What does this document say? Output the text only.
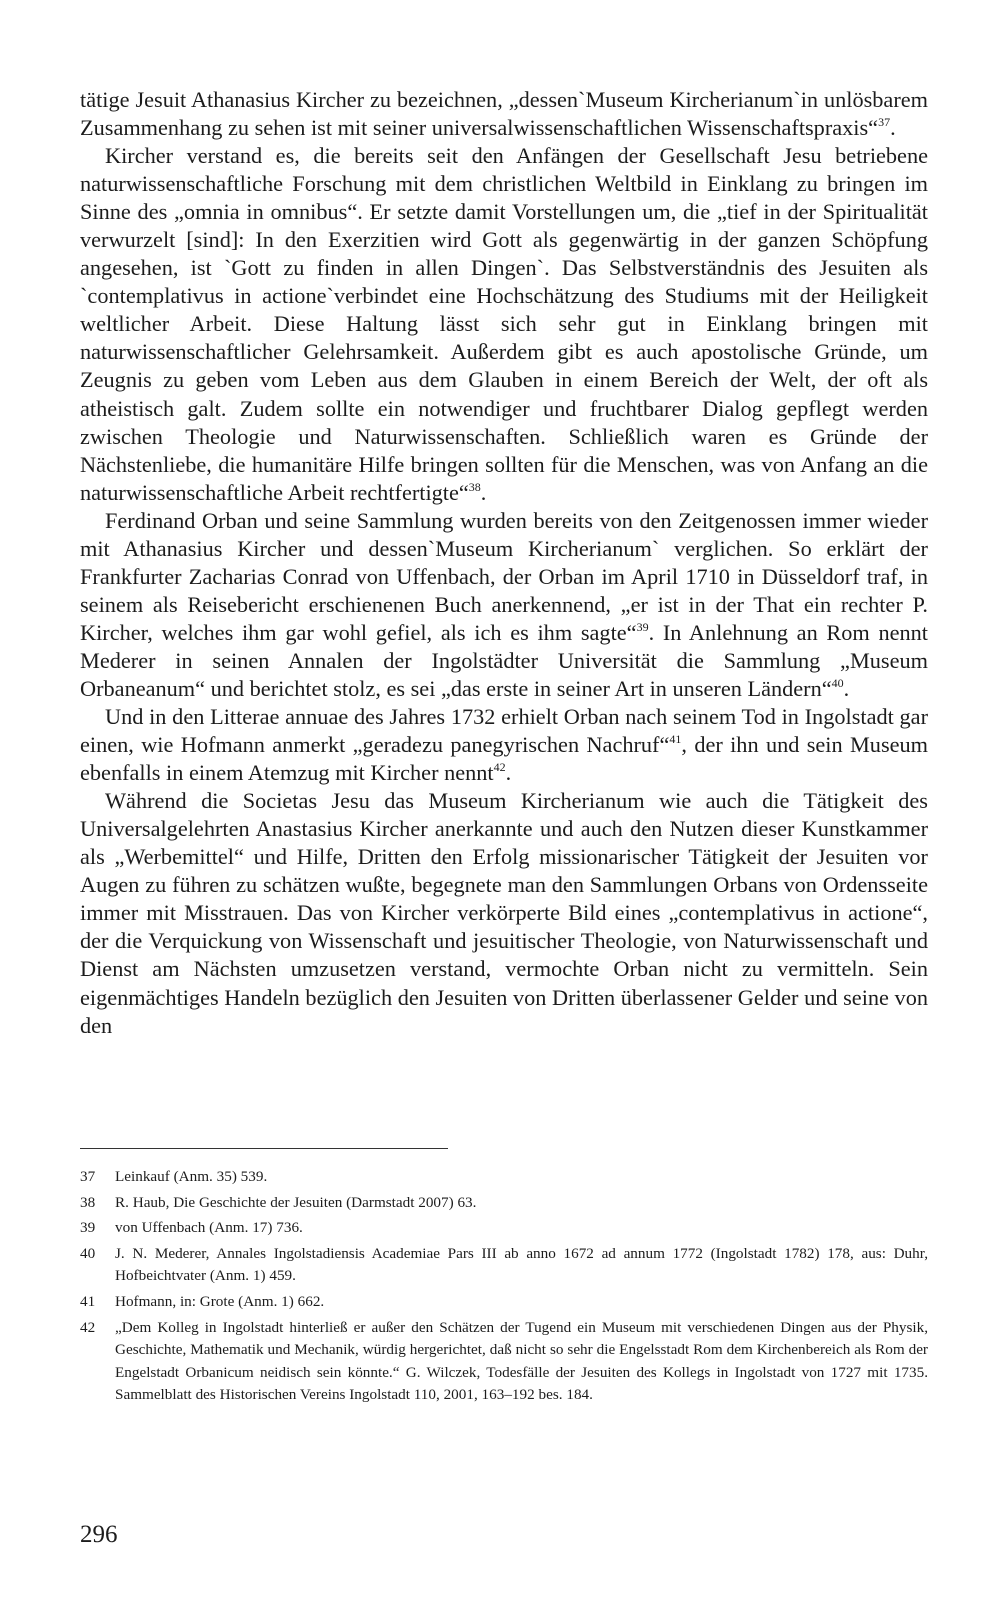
tätige Jesuit Athanasius Kircher zu bezeichnen, „dessen`Museum Kircherianum`in unlösbarem Zusammenhang zu sehen ist mit seiner universalwissenschaftlichen Wissenschaftspraxis“$^{37}$.

Kircher verstand es, die bereits seit den Anfängen der Gesellschaft Jesu betriebene naturwissenschaftliche Forschung mit dem christlichen Weltbild in Einklang zu bringen im Sinne des „omnia in omnibus“. Er setzte damit Vorstellungen um, die „tief in der Spiritualität verwurzelt [sind]: In den Exerzitien wird Gott als gegenwärtig in der ganzen Schöpfung angesehen, ist `Gott zu finden in allen Dingen`. Das Selbstverständnis des Jesuiten als `contemplativus in actione`verbindet eine Hochschätzung des Studiums mit der Heiligkeit weltlicher Arbeit. Diese Haltung lässt sich sehr gut in Einklang bringen mit naturwissenschaftlicher Gelehrsamkeit. Außerdem gibt es auch apostolische Gründe, um Zeugnis zu geben vom Leben aus dem Glauben in einem Bereich der Welt, der oft als atheistisch galt. Zudem sollte ein notwendiger und fruchtbarer Dialog gepflegt werden zwischen Theologie und Naturwissenschaften. Schließlich waren es Gründe der Nächstenliebe, die humanitäre Hilfe bringen sollten für die Menschen, was von Anfang an die naturwissenschaftliche Arbeit rechtfertigte“$^{38}$.

Ferdinand Orban und seine Sammlung wurden bereits von den Zeitgenossen immer wieder mit Athanasius Kircher und dessen`Museum Kircherianum` verglichen. So erklärt der Frankfurter Zacharias Conrad von Uffenbach, der Orban im April 1710 in Düsseldorf traf, in seinem als Reisebericht erschienenen Buch anerkennend, „er ist in der That ein rechter P. Kircher, welches ihm gar wohl gefiel, als ich es ihm sagte“$^{39}$. In Anlehnung an Rom nennt Mederer in seinen Annalen der Ingolstädter Universität die Sammlung „Museum Orbaneanum“ und berichtet stolz, es sei „das erste in seiner Art in unseren Ländern“$^{40}$.

Und in den Litterae annuae des Jahres 1732 erhielt Orban nach seinem Tod in Ingolstadt gar einen, wie Hofmann anmerkt „geradezu panegyrischen Nachruf“$^{41}$, der ihn und sein Museum ebenfalls in einem Atemzug mit Kircher nennt$^{42}$.

Während die Societas Jesu das Museum Kircherianum wie auch die Tätigkeit des Universalgelehrten Anastasius Kircher anerkannte und auch den Nutzen dieser Kunstkammer als „Werbemittel“ und Hilfe, Dritten den Erfolg missionarischer Tätigkeit der Jesuiten vor Augen zu führen zu schätzen wußte, begegnete man den Sammlungen Orbans von Ordensseite immer mit Misstrauen. Das von Kircher verkörperte Bild eines „contemplativus in actione“, der die Verquickung von Wissenschaft und jesuitischer Theologie, von Naturwissenschaft und Dienst am Nächsten umzusetzen verstand, vermochte Orban nicht zu vermitteln. Sein eigenmächtiges Handeln bezüglich den Jesuiten von Dritten überlassener Gelder und seine von den

37	Leinkauf (Anm. 35) 539.
38	R. Haub, Die Geschichte der Jesuiten (Darmstadt 2007) 63.
39	von Uffenbach (Anm. 17) 736.
40	J. N. Mederer, Annales Ingolstadiensis Academiae Pars III ab anno 1672 ad annum 1772 (Ingolstadt 1782) 178, aus: Duhr, Hofbeichtvater (Anm. 1) 459.
41	Hofmann, in: Grote (Anm. 1) 662.
42	„Dem Kolleg in Ingolstadt hinterließ er außer den Schätzen der Tugend ein Museum mit verschiedenen Dingen aus der Physik, Geschichte, Mathematik und Mechanik, würdig hergerichtet, daß nicht so sehr die Engelsstadt Rom dem Kirchenbereich als Rom der Engelstadt Orbanicum neidisch sein könnte.“ G. Wilczek, Todesfälle der Jesuiten des Kollegs in Ingolstadt von 1727 mit 1735. Sammelblatt des Historischen Vereins Ingolstadt 110, 2001, 163–192 bes. 184.
296
